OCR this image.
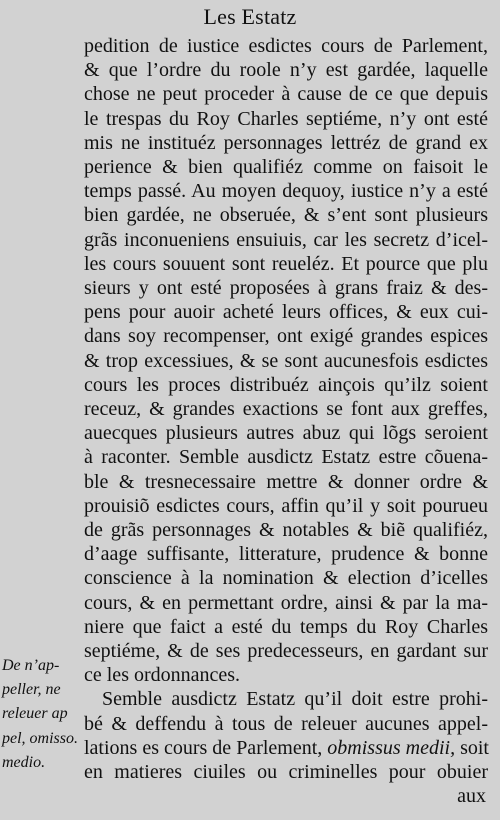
Les Estatz
De n’ap-
peller, ne
releuer ap
pel, omisso.
medio.
pedition de iustice esdictes cours de Parlement,
& que l’ordre du roole n’y est gardée, laquelle
chose ne peut proceder à cause de ce que depuis
le trespas du Roy Charles septiéme, n’y ont esté
mis ne instituéz personnages lettréz de grand ex
perience & bien qualifiéz comme on faisoit le
temps passé. Au moyen dequoy, iustice n’y a esté
bien gardée, ne obseruée, & s’ent sont plusieurs
grãs inconueniens ensuiuis, car les secretz d’icel-
les cours souuent sont reueléz. Et pource que plu
sieurs y ont esté proposées à grans fraiz & des-
pens pour auoir acheté leurs offices, & eux cui-
dans soy recompenser, ont exigé grandes espices
& trop excessiues, & se sont aucunesfois esdictes
cours les proces distribuéz ainçois qu’ilz soient
receuz, & grandes exactions se font aux greffes,
auecques plusieurs autres abuz qui lõgs seroient
à raconter. Semble ausdictz Estatz estre cõuena-
ble & tresnecessaire mettre & donner ordre &
prouisiõ esdictes cours, affin qu’il y soit pourueu
de grãs personnages & notables & biẽ qualifiéz,
d’aage suffisante, litterature, prudence & bonne
conscience à la nomination & election d’icelles
cours, & en permettant ordre, ainsi & par la ma-
niere que faict a esté du temps du Roy Charles
septiéme, & de ses predecesseurs, en gardant sur
ce les ordonnances.
Semble ausdictz Estatz qu’il doit estre prohi-
bé & deffendu à tous de releuer aucunes appel-
lations es cours de Parlement, obmissus medii, soit
en matieres ciuiles ou criminelles pour obuier
aux
